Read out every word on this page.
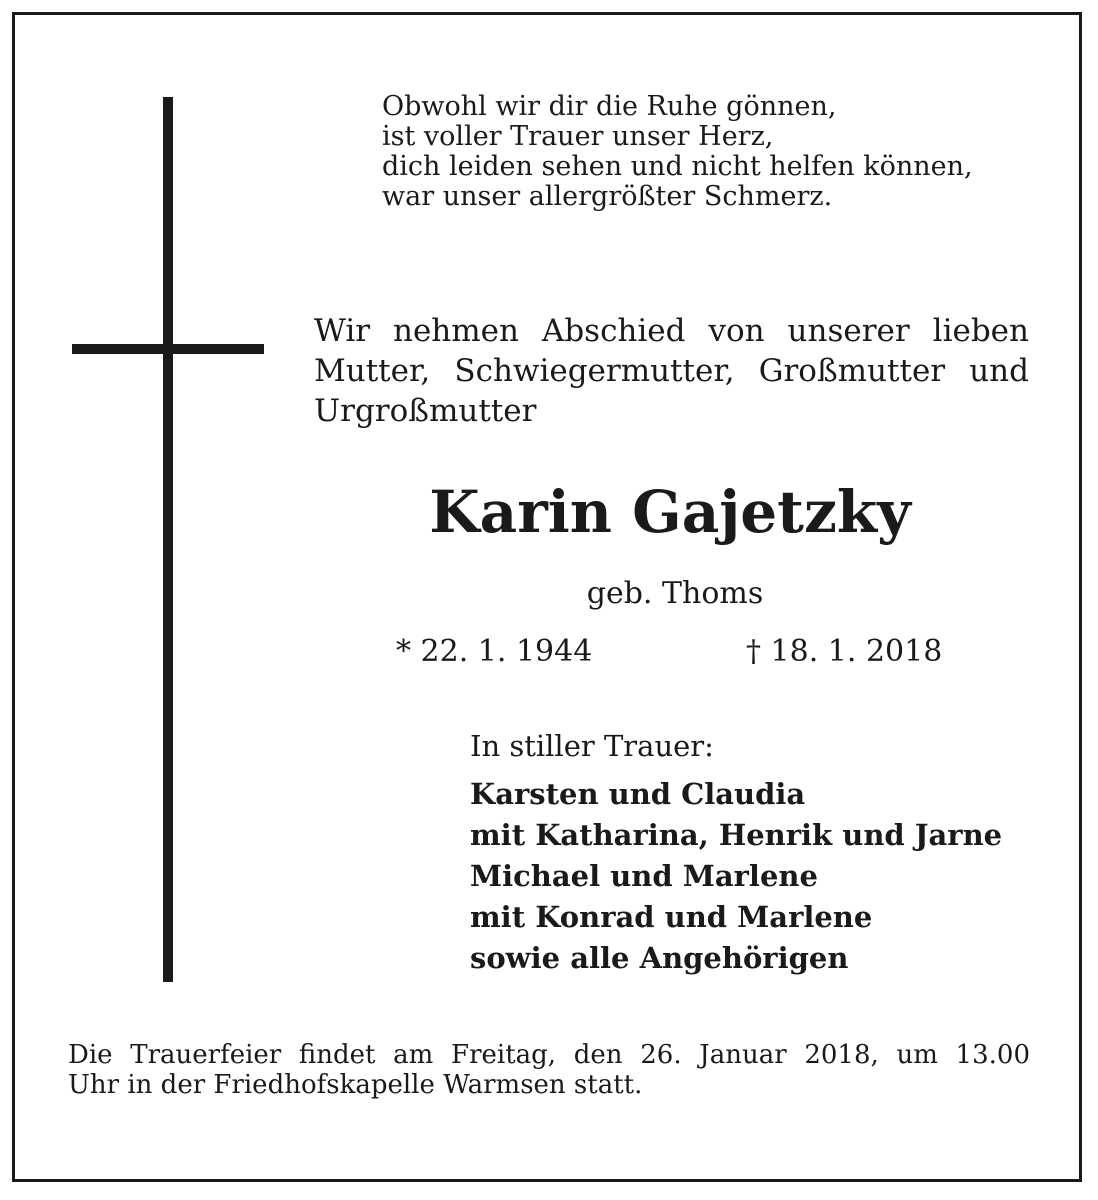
Obwohl wir dir die Ruhe gönnen,
ist voller Trauer unser Herz,
dich leiden sehen und nicht helfen können,
war unser allergrößter Schmerz.
Wir nehmen Abschied von unserer lieben
Mutter, Schwiegermutter, Großmutter und
Urgroßmutter
Karin Gajetzky
geb. Thoms
* 22. 1. 1944	† 18. 1. 2018
In stiller Trauer:
Karsten und Claudia
mit Katharina, Henrik und Jarne
Michael und Marlene
mit Konrad und Marlene
sowie alle Angehörigen
Die Trauerfeier findet am Freitag, den 26. Januar 2018, um 13.00
Uhr in der Friedhofskapelle Warmsen statt.
